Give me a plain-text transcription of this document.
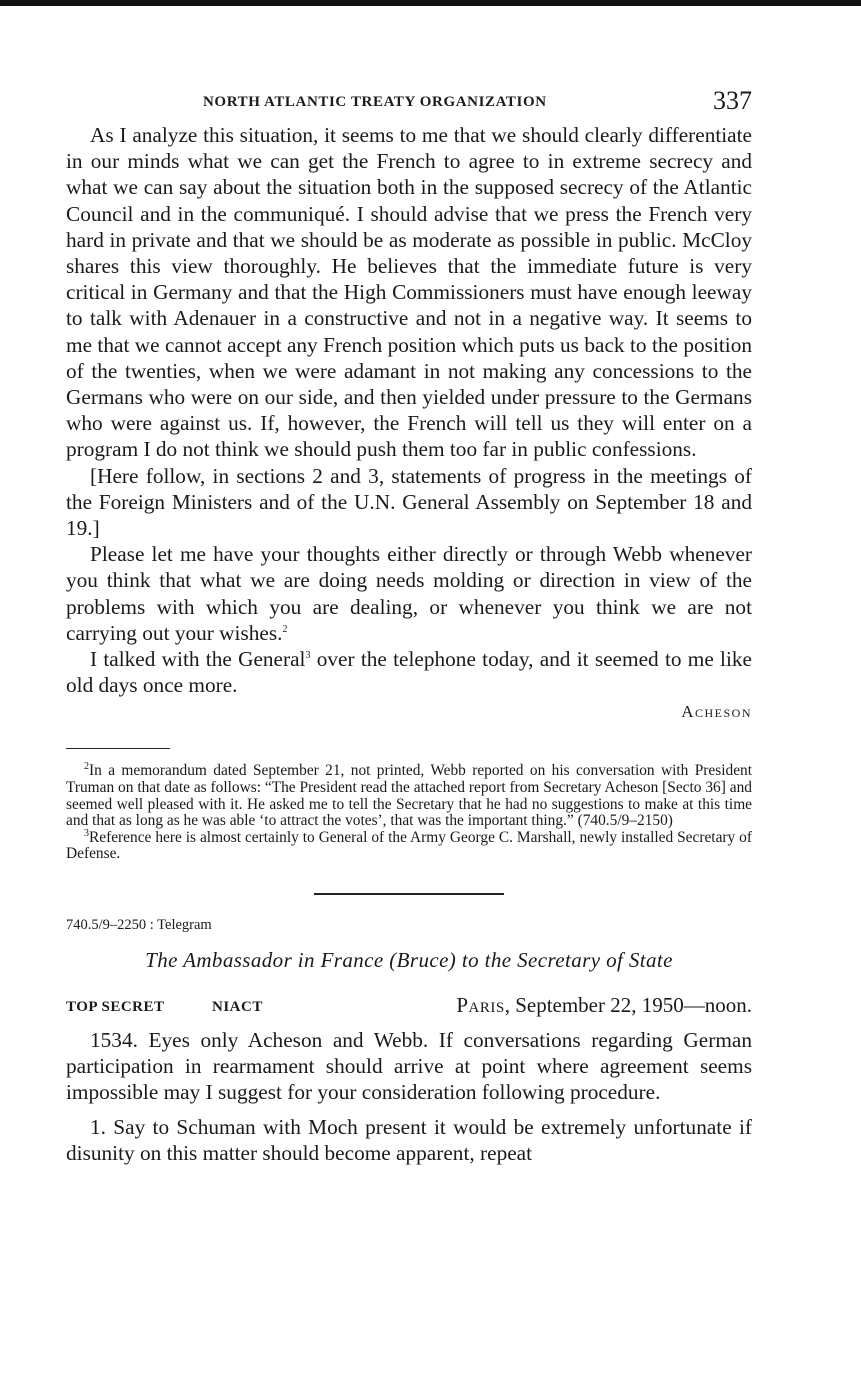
NORTH ATLANTIC TREATY ORGANIZATION	337

As I analyze this situation, it seems to me that we should clearly differentiate in our minds what we can get the French to agree to in extreme secrecy and what we can say about the situation both in the supposed secrecy of the Atlantic Council and in the communiqué. I should advise that we press the French very hard in private and that we should be as moderate as possible in public. McCloy shares this view thoroughly. He believes that the immediate future is very critical in Germany and that the High Commissioners must have enough leeway to talk with Adenauer in a constructive and not in a negative way. It seems to me that we cannot accept any French position which puts us back to the position of the twenties, when we were adamant in not making any concessions to the Germans who were on our side, and then yielded under pressure to the Germans who were against us. If, however, the French will tell us they will enter on a program I do not think we should push them too far in public confessions.

[Here follow, in sections 2 and 3, statements of progress in the meetings of the Foreign Ministers and of the U.N. General Assembly on September 18 and 19.]

Please let me have your thoughts either directly or through Webb whenever you think that what we are doing needs molding or direction in view of the problems with which you are dealing, or whenever you think we are not carrying out your wishes.$^2$

I talked with the General$^3$ over the telephone today, and it seemed to me like old days once more.

Acheson

$^2$In a memorandum dated September 21, not printed, Webb reported on his conversation with President Truman on that date as follows: “The President read the attached report from Secretary Acheson [Secto 36] and seemed well pleased with it. He asked me to tell the Secretary that he had no suggestions to make at this time and that as long as he was able ‘to attract the votes’, that was the important thing.” (740.5/9–2150)

$^3$Reference here is almost certainly to General of the Army George C. Marshall, newly installed Secretary of Defense.

740.5/9–2250 : Telegram
The Ambassador in France (Bruce) to the Secretary of State
TOP SECRET	NIACT	Paris, September 22, 1950—noon.

1534. Eyes only Acheson and Webb. If conversations regarding German participation in rearmament should arrive at point where agreement seems impossible may I suggest for your consideration following procedure.

1. Say to Schuman with Moch present it would be extremely unfortunate if disunity on this matter should become apparent, repeat
